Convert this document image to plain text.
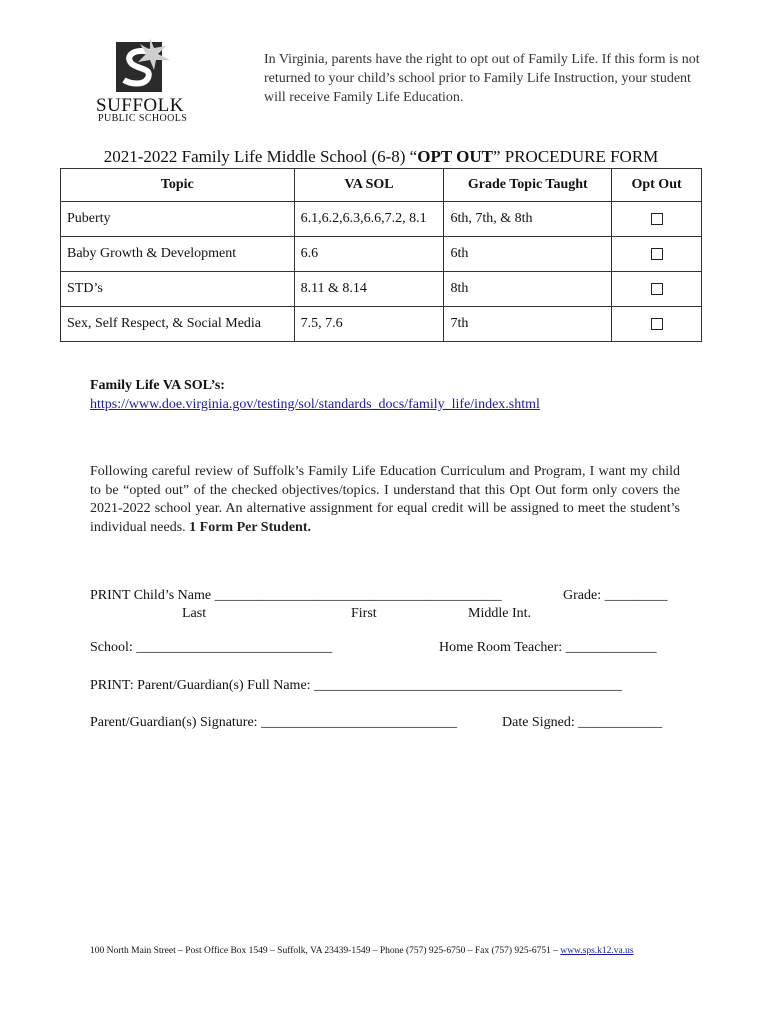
SUFFOLK
PUBLIC SCHOOLS
In Virginia, parents have the right to opt out of Family Life. If this form is not returned to your child’s school prior to Family Life Instruction, your student will receive Family Life Education.
2021-2022 Family Life Middle School (6-8) “OPT OUT” PROCEDURE FORM
Topic	VA SOL	Grade Topic Taught	Opt Out
Puberty	6.1,6.2,6.3,6.6,7.2, 8.1	6th, 7th, & 8th	
Baby Growth & Development	6.6	6th	
STD’s	8.11 & 8.14	8th	
Sex, Self Respect, & Social Media	7.5, 7.6	7th	
Family Life VA SOL’s:
https://www.doe.virginia.gov/testing/sol/standards_docs/family_life/index.shtml
Following careful review of Suffolk’s Family Life Education Curriculum and Program, I want my child to be “opted out” of the checked objectives/topics. I understand that this Opt Out form only covers the 2021-2022 school year. An alternative assignment for equal credit will be assigned to meet the student’s individual needs. 1 Form Per Student.
PRINT Child’s Name _________________________________________	Grade: _________
Last	First	Middle Int.
School: ____________________________	Home Room Teacher: _____________
PRINT: Parent/Guardian(s) Full Name: ____________________________________________
Parent/Guardian(s) Signature: ____________________________	Date Signed: ____________
100 North Main Street – Post Office Box 1549 – Suffolk, VA 23439-1549 – Phone (757) 925-6750 – Fax (757) 925-6751 – www.sps.k12.va.us
